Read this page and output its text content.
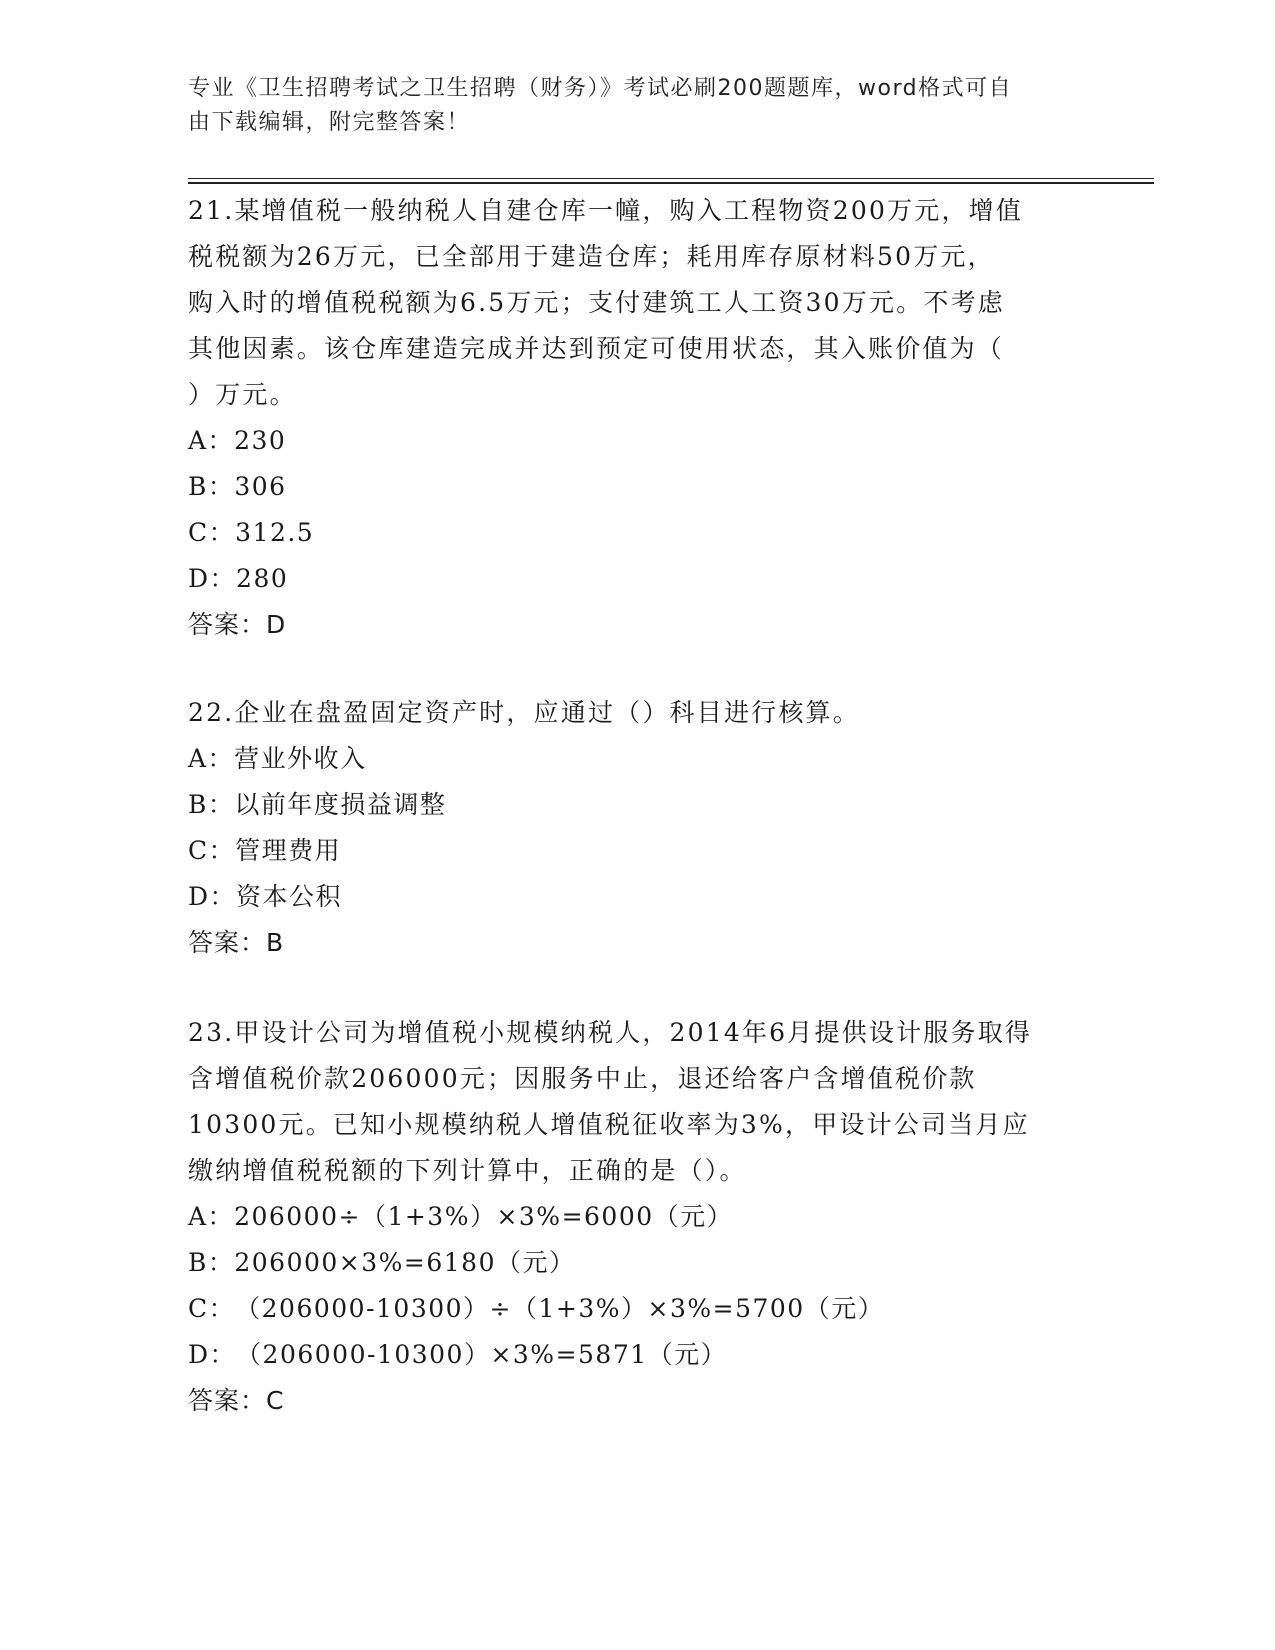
专业《卫生招聘考试之卫生招聘（财务）》考试必刷200题题库，word格式可自
由下载编辑，附完整答案！

21.某增值税一般纳税人自建仓库一幢，购入工程物资200万元，增值

税税额为26万元，已全部用于建造仓库；耗用库存原材料50万元，

购入时的增值税税额为6.5万元；支付建筑工人工资30万元。不考虑

其他因素。该仓库建造完成并达到预定可使用状态，其入账价值为（

）万元。

A：230

B：306

C：312.5

D：280

答案：D

22.企业在盘盈固定资产时，应通过（）科目进行核算。

A：营业外收入

B：以前年度损益调整

C：管理费用

D：资本公积

答案：B

23.甲设计公司为增值税小规模纳税人，2014年6月提供设计服务取得

含增值税价款206000元；因服务中止，退还给客户含增值税价款

10300元。已知小规模纳税人增值税征收率为3%，甲设计公司当月应

缴纳增值税税额的下列计算中，正确的是（）。

A：206000÷（1+3%）×3%=6000（元）

B：206000×3%=6180（元）

C：（206000-10300）÷（1+3%）×3%=5700（元）

D：（206000-10300）×3%=5871（元）

答案：C
